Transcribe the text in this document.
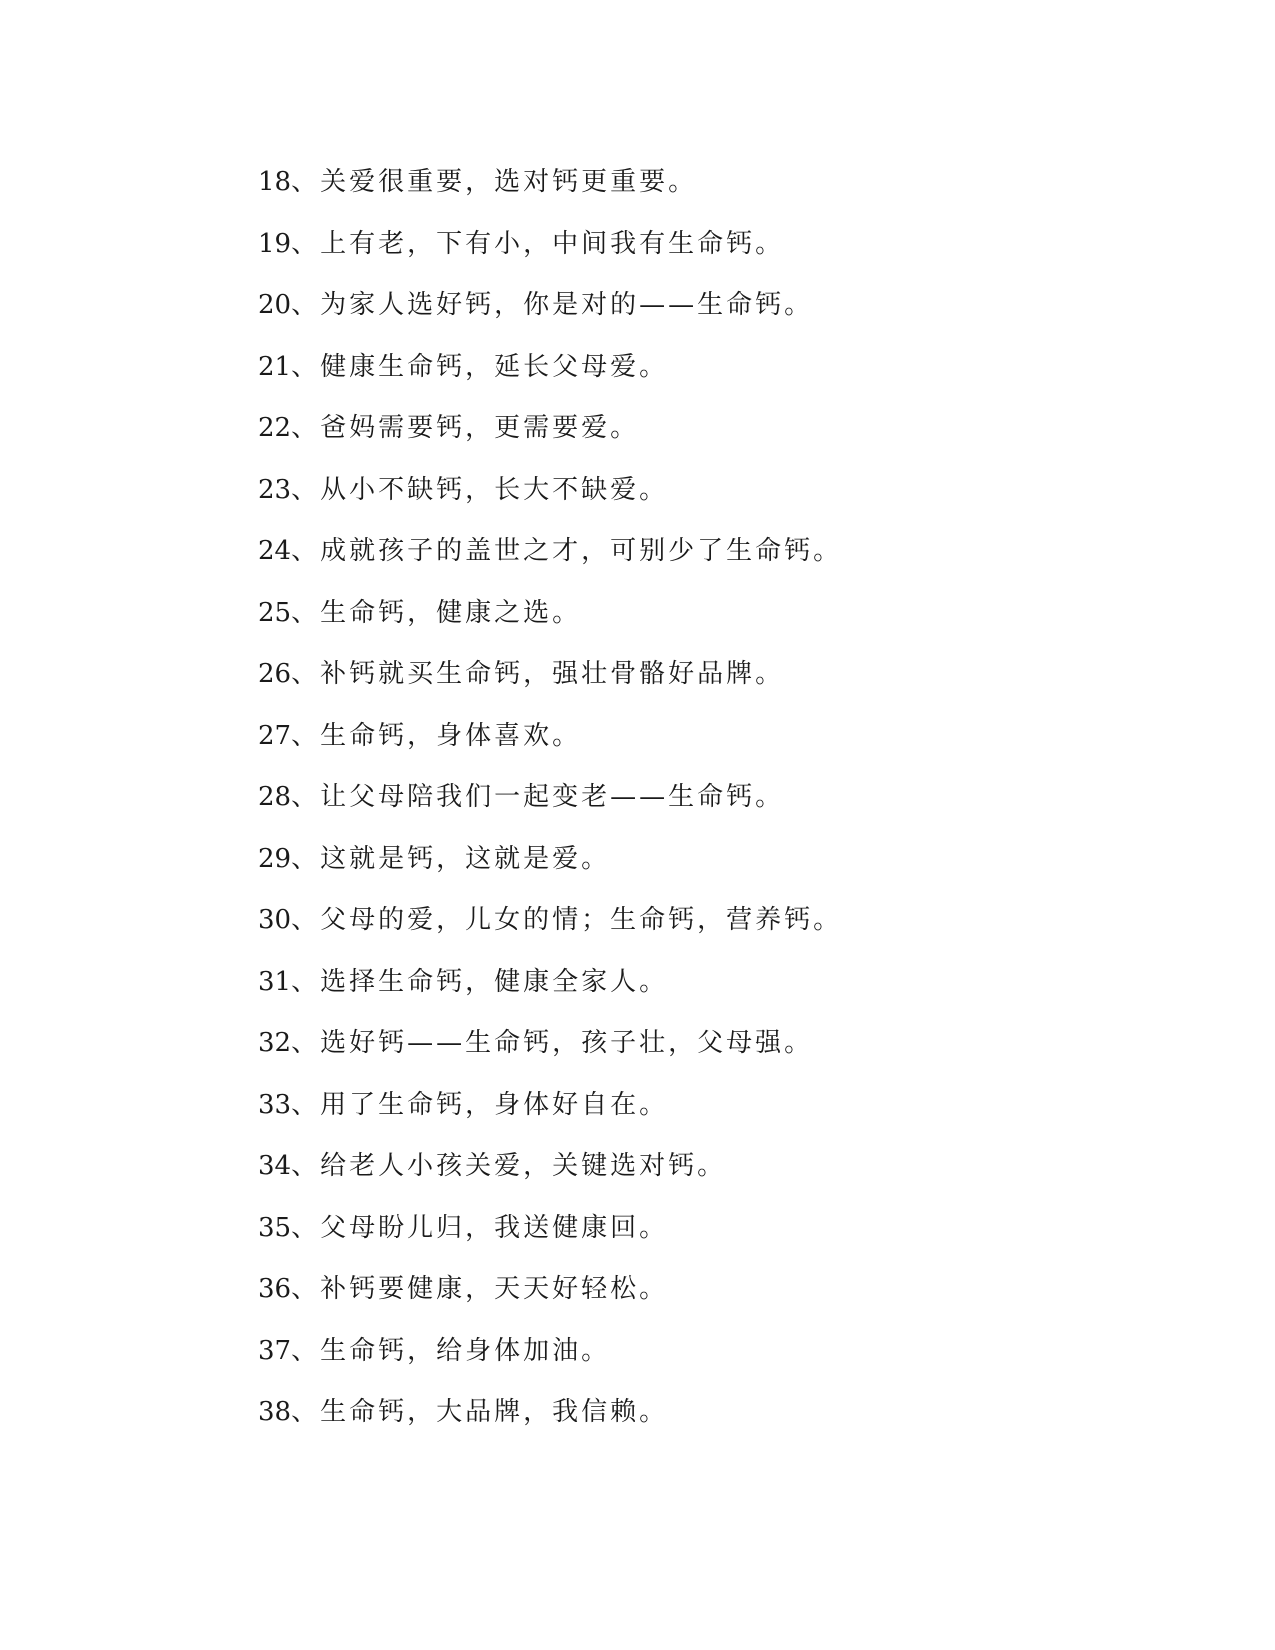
18、关爱很重要，选对钙更重要。
19、上有老，下有小，中间我有生命钙。
20、为家人选好钙，你是对的——生命钙。
21、健康生命钙，延长父母爱。
22、爸妈需要钙，更需要爱。
23、从小不缺钙，长大不缺爱。
24、成就孩子的盖世之才，可别少了生命钙。
25、生命钙，健康之选。
26、补钙就买生命钙，强壮骨骼好品牌。
27、生命钙，身体喜欢。
28、让父母陪我们一起变老——生命钙。
29、这就是钙，这就是爱。
30、父母的爱，儿女的情；生命钙，营养钙。
31、选择生命钙，健康全家人。
32、选好钙——生命钙，孩子壮，父母强。
33、用了生命钙，身体好自在。
34、给老人小孩关爱，关键选对钙。
35、父母盼儿归，我送健康回。
36、补钙要健康，天天好轻松。
37、生命钙，给身体加油。
38、生命钙，大品牌，我信赖。
